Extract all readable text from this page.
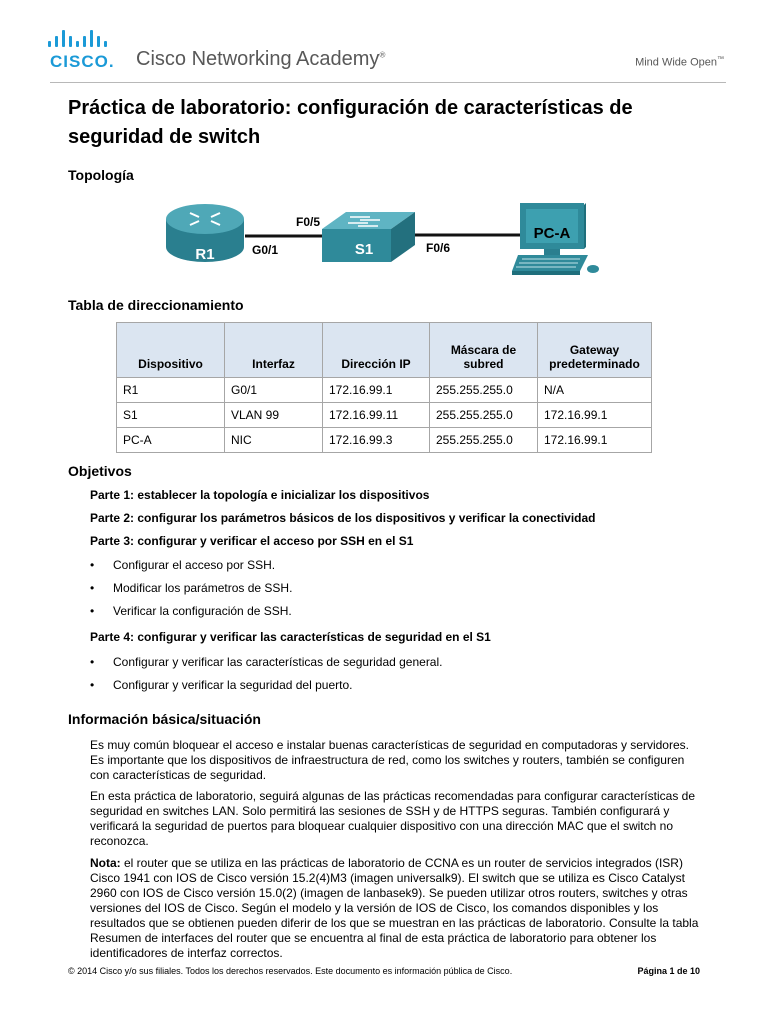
CISCO. Cisco Networking Academy®
Mind Wide Open™
Práctica de laboratorio: configuración de características de seguridad de switch
Topología
R1	S1
PC-A
G0/1
F0/5
F0/6
Tabla de direccionamiento
Dispositivo	Interfaz	Dirección IP	Máscara de subred	Gateway predeterminado
R1	G0/1	172.16.99.1	255.255.255.0	N/A
S1	VLAN 99	172.16.99.11	255.255.255.0	172.16.99.1
PC-A	NIC	172.16.99.3	255.255.255.0	172.16.99.1
Objetivos
Parte 1: establecer la topología e inicializar los dispositivos
Parte 2: configurar los parámetros básicos de los dispositivos y verificar la conectividad
Parte 3: configurar y verificar el acceso por SSH en el S1
• Configurar el acceso por SSH.
• Modificar los parámetros de SSH.
• Verificar la configuración de SSH.
Parte 4: configurar y verificar las características de seguridad en el S1
• Configurar y verificar las características de seguridad general.
• Configurar y verificar la seguridad del puerto.
Información básica/situación

Es muy común bloquear el acceso e instalar buenas características de seguridad en computadoras y servidores. Es importante que los dispositivos de infraestructura de red, como los switches y routers, también se configuren con características de seguridad.

En esta práctica de laboratorio, seguirá algunas de las prácticas recomendadas para configurar características de seguridad en switches LAN. Solo permitirá las sesiones de SSH y de HTTPS seguras. También configurará y verificará la seguridad de puertos para bloquear cualquier dispositivo con una dirección MAC que el switch no reconozca.

Nota: el router que se utiliza en las prácticas de laboratorio de CCNA es un router de servicios integrados (ISR) Cisco 1941 con IOS de Cisco versión 15.2(4)M3 (imagen universalk9). El switch que se utiliza es Cisco Catalyst 2960 con IOS de Cisco versión 15.0(2) (imagen de lanbasek9). Se pueden utilizar otros routers, switches y otras versiones del IOS de Cisco. Según el modelo y la versión de IOS de Cisco, los comandos disponibles y los resultados que se obtienen pueden diferir de los que se muestran en las prácticas de laboratorio. Consulte la tabla Resumen de interfaces del router que se encuentra al final de esta práctica de laboratorio para obtener los identificadores de interfaz correctos.

© 2014 Cisco y/o sus filiales. Todos los derechos reservados. Este documento es información pública de Cisco.	Página 1 de 10
